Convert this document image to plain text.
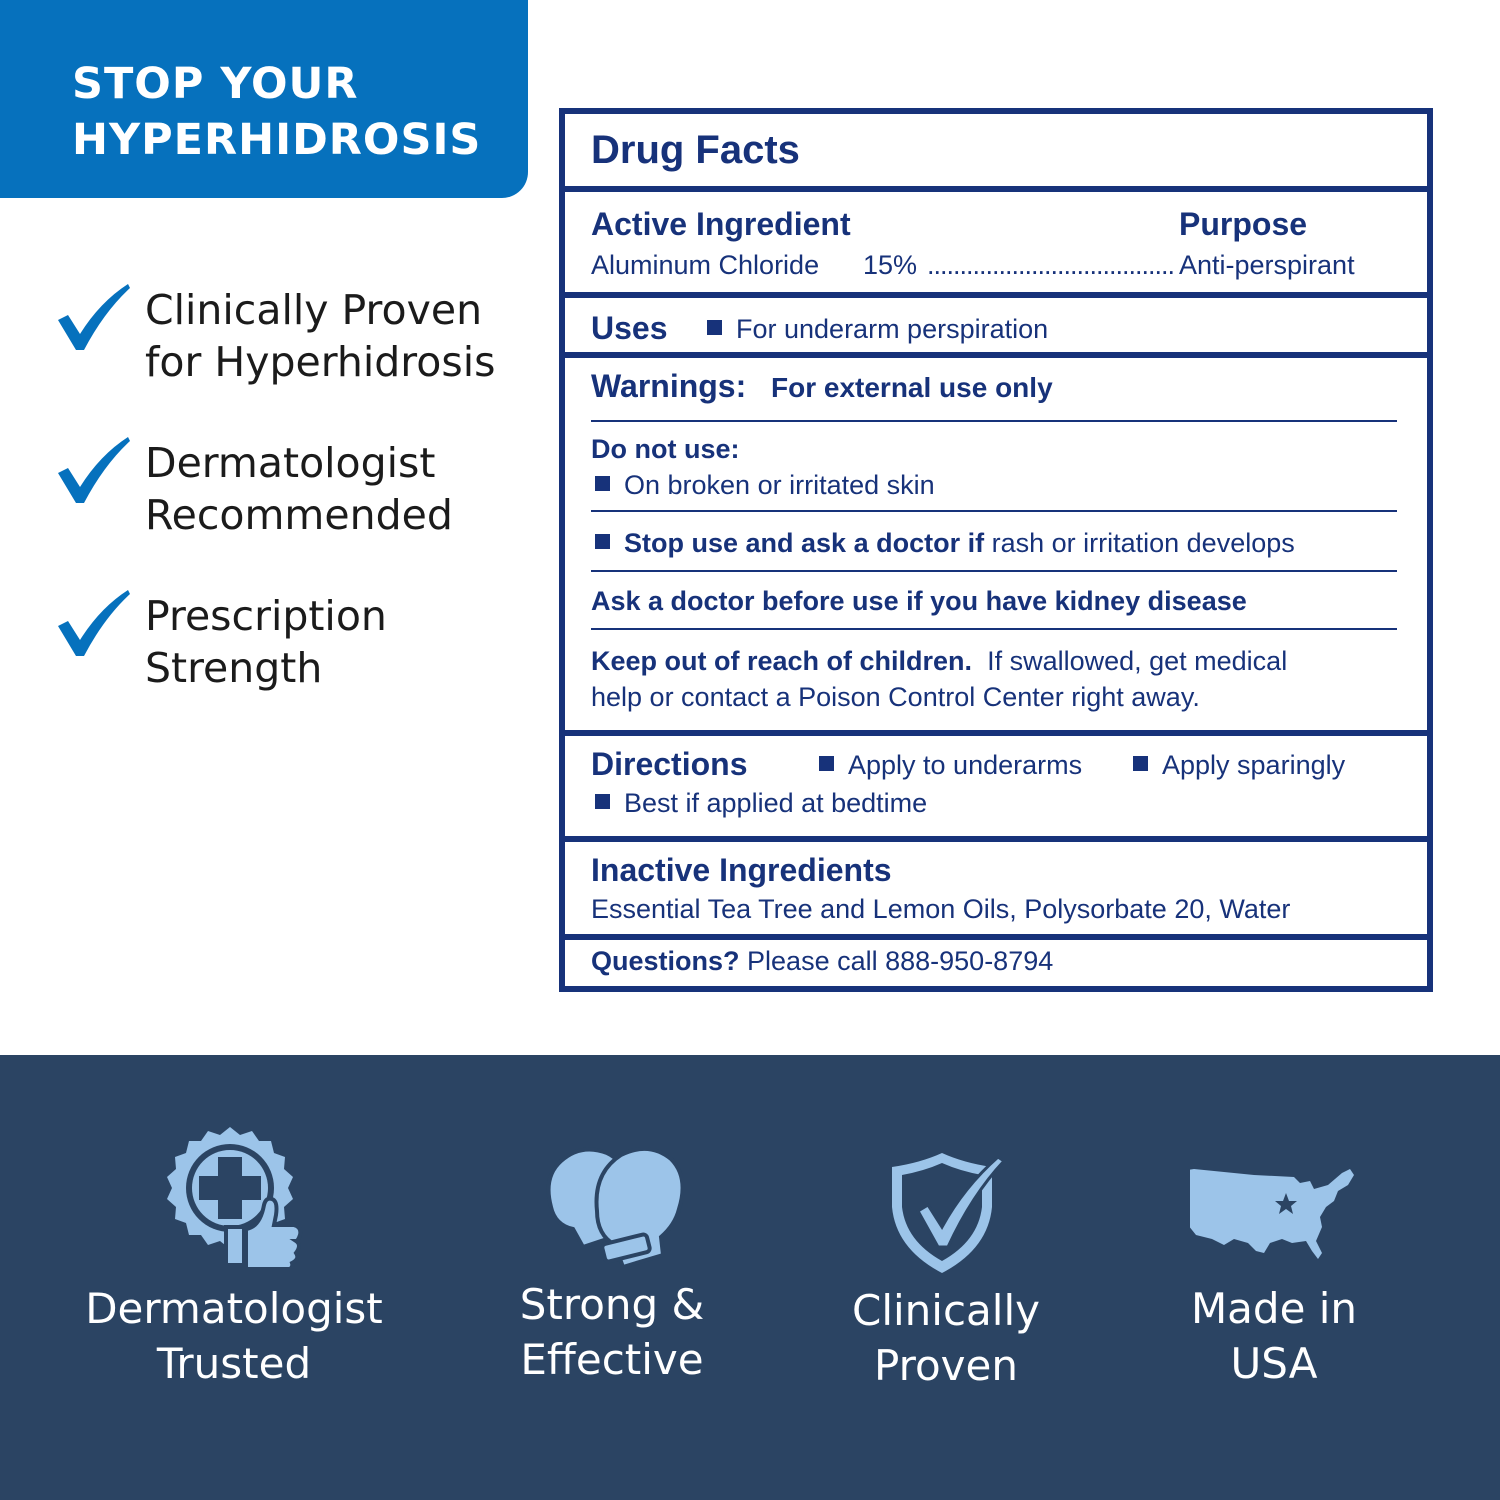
STOP YOUR
HYPERHIDROSIS
Clinically Proven
for Hyperhidrosis
Dermatologist
Recommended
Prescription
Strength
Drug Facts
Active Ingredient	Purpose
Aluminum Chloride 15% ...................................... Anti-perspirant
Uses	For underarm perspiration
Warnings: For external use only
Do not use:
On broken or irritated skin
Stop use and ask a doctor if rash or irritation develops
Ask a doctor before use if you have kidney disease
Keep out of reach of children. If swallowed, get medical
help or contact a Poison Control Center right away.
Directions	Apply to underarms	Apply sparingly
Best if applied at bedtime
Inactive Ingredients
Essential Tea Tree and Lemon Oils, Polysorbate 20, Water
Questions? Please call 888-950-8794
Dermatologist
Trusted
Strong &
Effective
Clinically
Proven
Made in
USA
